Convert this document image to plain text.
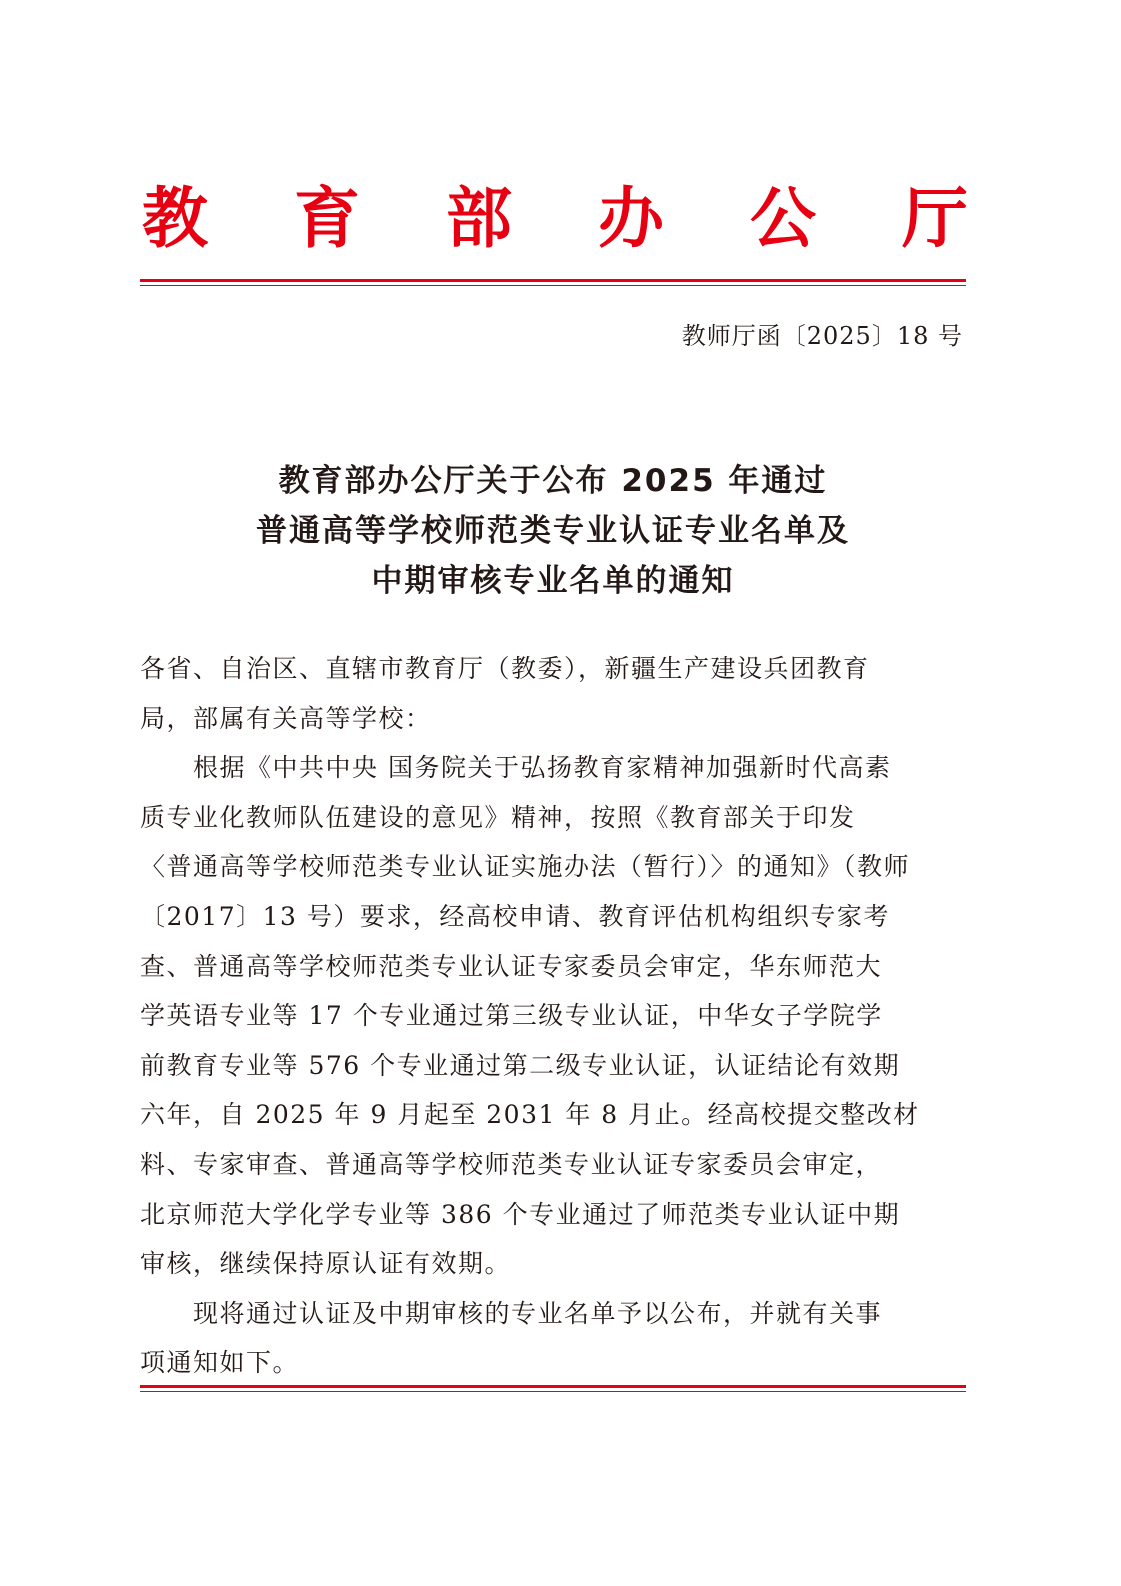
教 育 部 办 公 厅
教师厅函〔2025〕18 号
教育部办公厅关于公布 2025 年通过
普通高等学校师范类专业认证专业名单及
中期审核专业名单的通知
各省、自治区、直辖市教育厅（教委），新疆生产建设兵团教育
局，部属有关高等学校：
　　根据《中共中央 国务院关于弘扬教育家精神加强新时代高素
质专业化教师队伍建设的意见》精神，按照《教育部关于印发
〈普通高等学校师范类专业认证实施办法（暂行）〉的通知》（教师
〔2017〕13 号）要求，经高校申请、教育评估机构组织专家考
查、普通高等学校师范类专业认证专家委员会审定，华东师范大
学英语专业等 17 个专业通过第三级专业认证，中华女子学院学
前教育专业等 576 个专业通过第二级专业认证，认证结论有效期
六年，自 2025 年 9 月起至 2031 年 8 月止。经高校提交整改材
料、专家审查、普通高等学校师范类专业认证专家委员会审定，
北京师范大学化学专业等 386 个专业通过了师范类专业认证中期
审核，继续保持原认证有效期。
　　现将通过认证及中期审核的专业名单予以公布，并就有关事
项通知如下。
